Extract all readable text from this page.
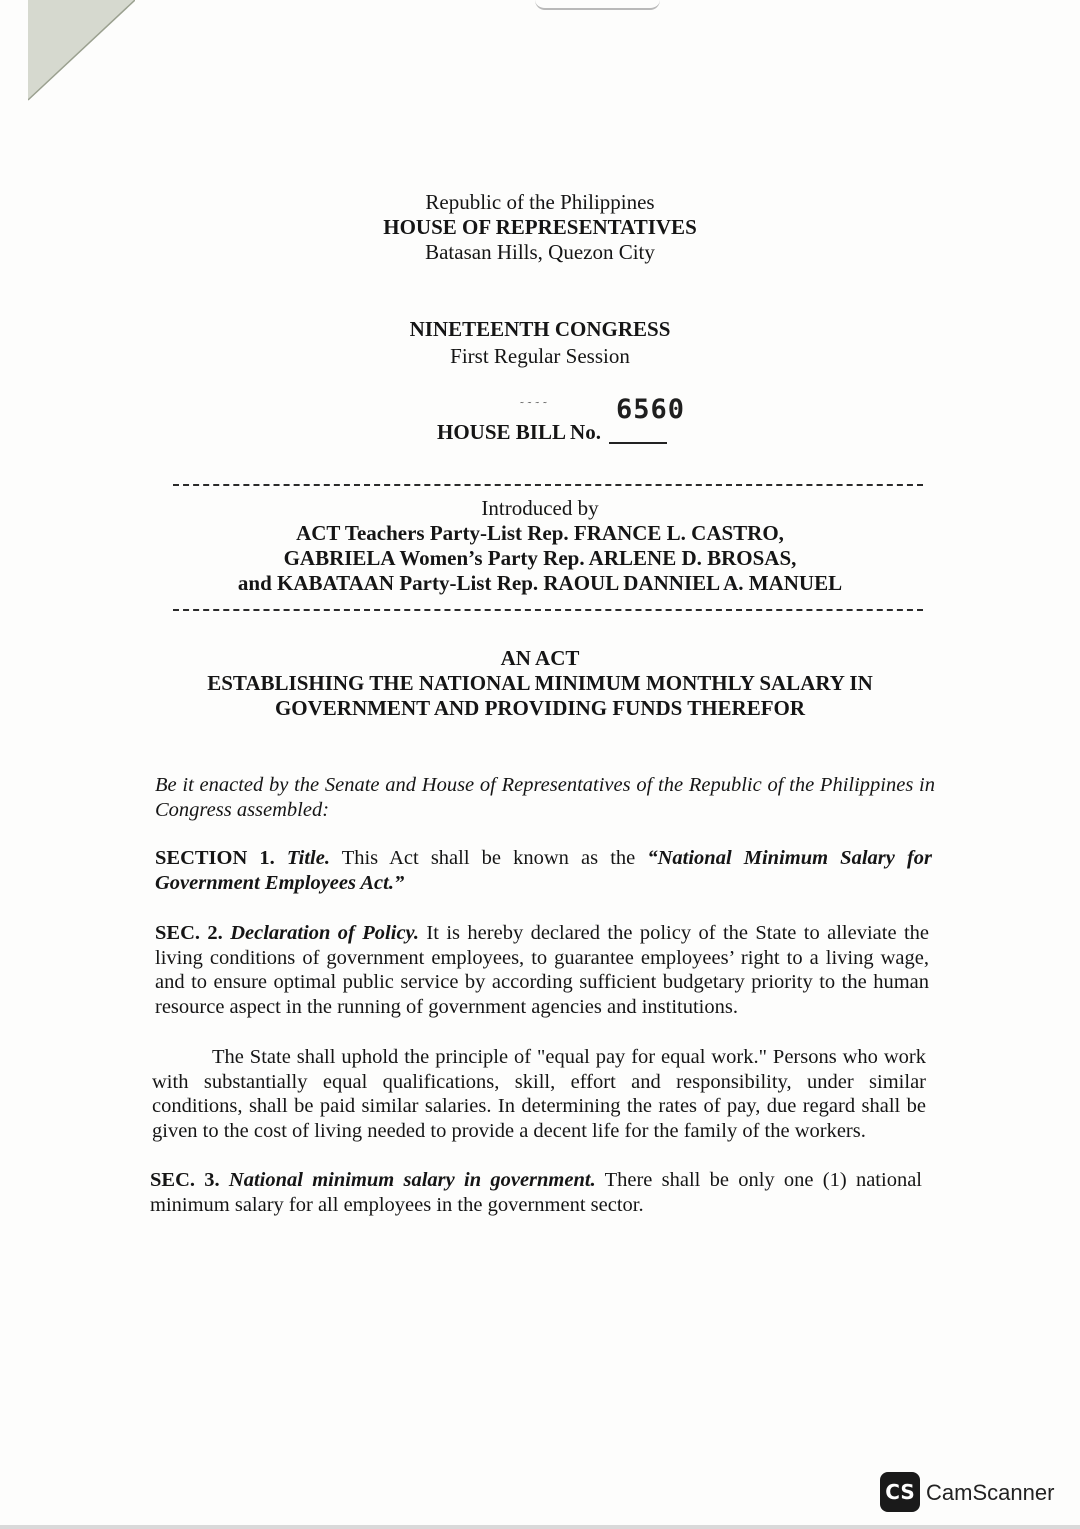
Republic of the Philippines
HOUSE OF REPRESENTATIVES
Batasan Hills, Quezon City
NINETEENTH CONGRESS
First Regular Session
˜˜˜˜ 6560
HOUSE BILL No.
Introduced by
ACT Teachers Party-List Rep. FRANCE L. CASTRO,
GABRIELA Women’s Party Rep. ARLENE D. BROSAS,
and KABATAAN Party-List Rep. RAOUL DANNIEL A. MANUEL
AN ACT
ESTABLISHING THE NATIONAL MINIMUM MONTHLY SALARY IN
GOVERNMENT AND PROVIDING FUNDS THEREFOR
Be it enacted by the Senate and House of Representatives of the Republic of the Philippines in Congress assembled:
SECTION 1. Title. This Act shall be known as the “National Minimum Salary for Government Employees Act.”
SEC. 2. Declaration of Policy. It is hereby declared the policy of the State to alleviate the living conditions of government employees, to guarantee employees’ right to a living wage, and to ensure optimal public service by according sufficient budgetary priority to the human resource aspect in the running of government agencies and institutions.
The State shall uphold the principle of "equal pay for equal work." Persons who work with substantially equal qualifications, skill, effort and responsibility, under similar conditions, shall be paid similar salaries. In determining the rates of pay, due regard shall be given to the cost of living needed to provide a decent life for the family of the workers.
SEC. 3. National minimum salary in government. There shall be only one (1) national minimum salary for all employees in the government sector.
CS CamScanner
